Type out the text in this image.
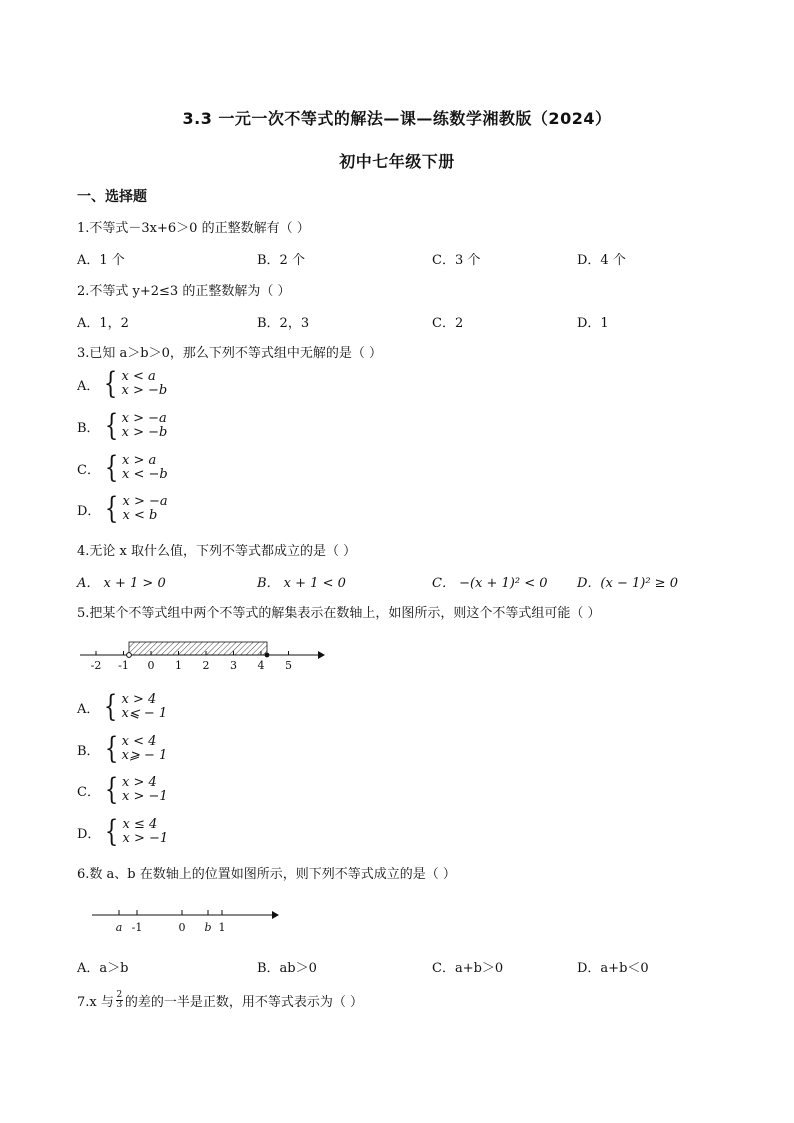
3.3 一元一次不等式的解法—课—练数学湘教版（2024）
初中七年级下册
一、选择题
1.不等式－3x+6＞0 的正整数解有（ ）
A．1 个	B．2 个	C．3 个	D．4 个
2.不等式 y+2≤3 的正整数解为（ ）
A．1，2	B．2，3	C．2	D．1
3.已知 a＞b＞0，那么下列不等式组中无解的是（ ）
A． { x < a
x > −b
B． { x > −a
x > −b
C． { x > a
x < −b
D． { x > −a
x < b
4.无论 x 取什么值，下列不等式都成立的是（ ）
A． x + 1 > 0	B． x + 1 < 0	C． −(x + 1)² < 0 D．(x − 1)² ≥ 0
5.把某个不等式组中两个不等式的解集表示在数轴上，如图所示，则这个不等式组可能（ ）
-2 -1 0 1 2 3 4 5
A． { x > 4
x⩽ − 1
B． { x < 4
x⩾ − 1
C． { x > 4
x > −1
D． { x ≤ 4
x > −1
6.数 a、b 在数轴上的位置如图所示，则下列不等式成立的是（ ）
a -1	0 b 1
A．a＞b	B．ab＞0	C．a+b＞0	D．a+b＜0
7.x 与 $\frac{2}{3}$ 的差的一半是正数，用不等式表示为（ ）
